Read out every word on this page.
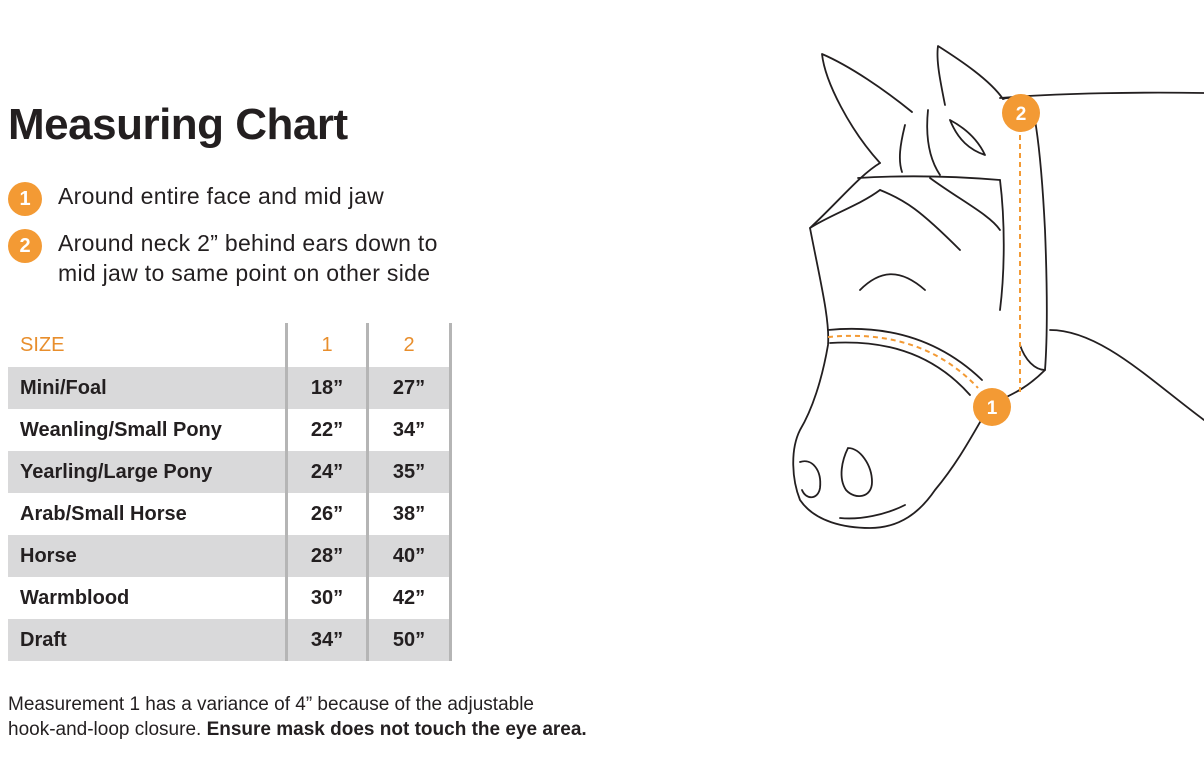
Measuring Chart
1	Around entire face and mid jaw
2	Around neck 2” behind ears down to
mid jaw to same point on other side
SIZE	1	2
Mini/Foal	18”	27”
Weanling/Small Pony	22”	34”
Yearling/Large Pony	24”	35”
Arab/Small Horse	26”	38”
Horse	28”	40”
Warmblood	30”	42”
Draft	34”	50”

Measurement 1 has a variance of 4” because of the adjustable
hook-and-loop closure. Ensure mask does not touch the eye area.

1
2
